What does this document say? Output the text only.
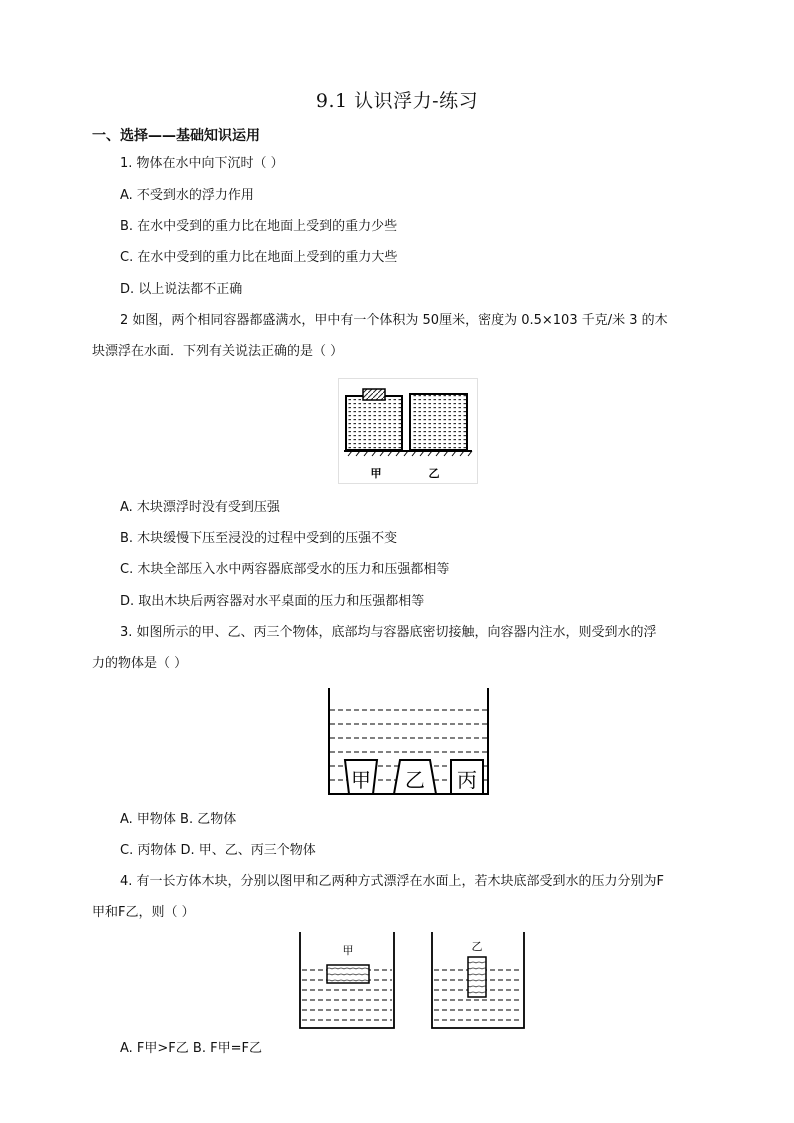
9.1 认识浮力-练习
一、选择——基础知识运用
1. 物体在水中向下沉时（ ）
A. 不受到水的浮力作用
B. 在水中受到的重力比在地面上受到的重力少些
C. 在水中受到的重力比在地面上受到的重力大些
D. 以上说法都不正确
2 如图，两个相同容器都盛满水，甲中有一个体积为 50厘米，密度为 0.5×103 千克/米 3 的木
块漂浮在水面．下列有关说法正确的是（ ）
甲	乙
A. 木块漂浮时没有受到压强
B. 木块缓慢下压至浸没的过程中受到的压强不变
C. 木块全部压入水中两容器底部受水的压力和压强都相等
D. 取出木块后两容器对水平桌面的压力和压强都相等
3. 如图所示的甲、乙、丙三个物体，底部均与容器底密切接触，向容器内注水，则受到水的浮
力的物体是（ ）
甲 乙 丙
A. 甲物体 B. 乙物体
C. 丙物体 D. 甲、乙、丙三个物体
4. 有一长方体木块，分别以图甲和乙两种方式漂浮在水面上，若木块底部受到水的压力分别为F
甲和F乙，则（ ）
甲	乙
A. F甲>F乙 B. F甲=F乙
